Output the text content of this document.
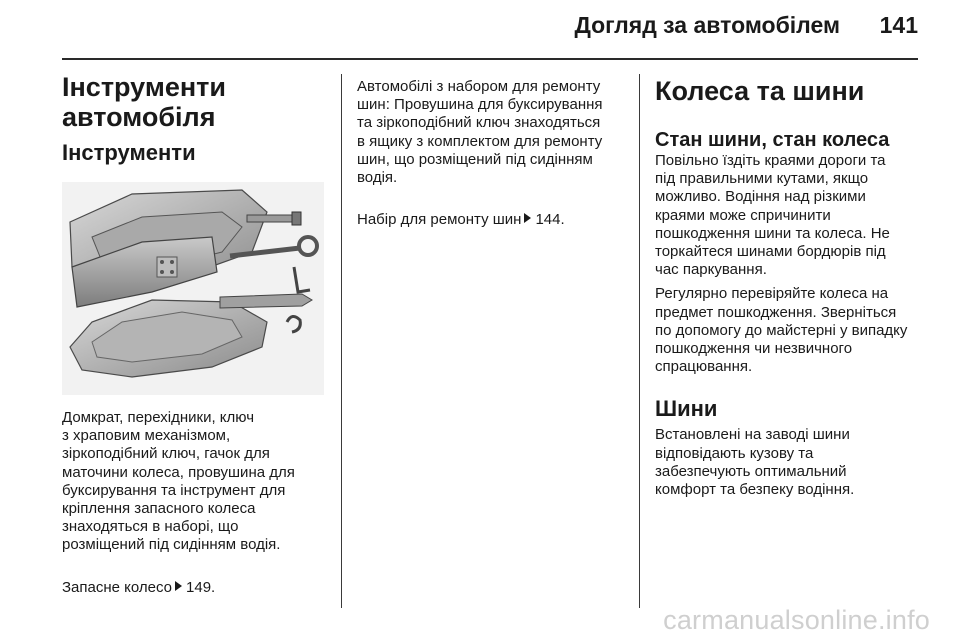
Догляд за автомобілем 141
Інструменти
автомобіля
Інструменти

Домкрат, перехідники, ключ
з храповим механізмом,
зіркоподібний ключ, гачок для
маточини колеса, провушина для
буксирування та інструмент для
кріплення запасного колеса
знаходяться в наборі, що
розміщений під сидінням водія.

Запасне колесо 149.

Автомобілі з набором для ремонту
шин: Провушина для буксирування
та зіркоподібний ключ знаходяться
в ящику з комплектом для ремонту
шин, що розміщений під сидінням
водія.

Набір для ремонту шин 144.

Колеса та шини
Стан шини, стан колеса

Повільно їздіть краями дороги та
під правильними кутами, якщо
можливо. Водіння над різкими
краями може спричинити
пошкодження шини та колеса. Не
торкайтеся шинами бордюрів під
час паркування.

Регулярно перевіряйте колеса на
предмет пошкодження. Зверніться
по допомогу до майстерні у випадку
пошкодження чи незвичного
спрацювання.

Шини

Встановлені на заводі шини
відповідають кузову та
забезпечують оптимальний
комфорт та безпеку водіння.

carmanualsonline.info
